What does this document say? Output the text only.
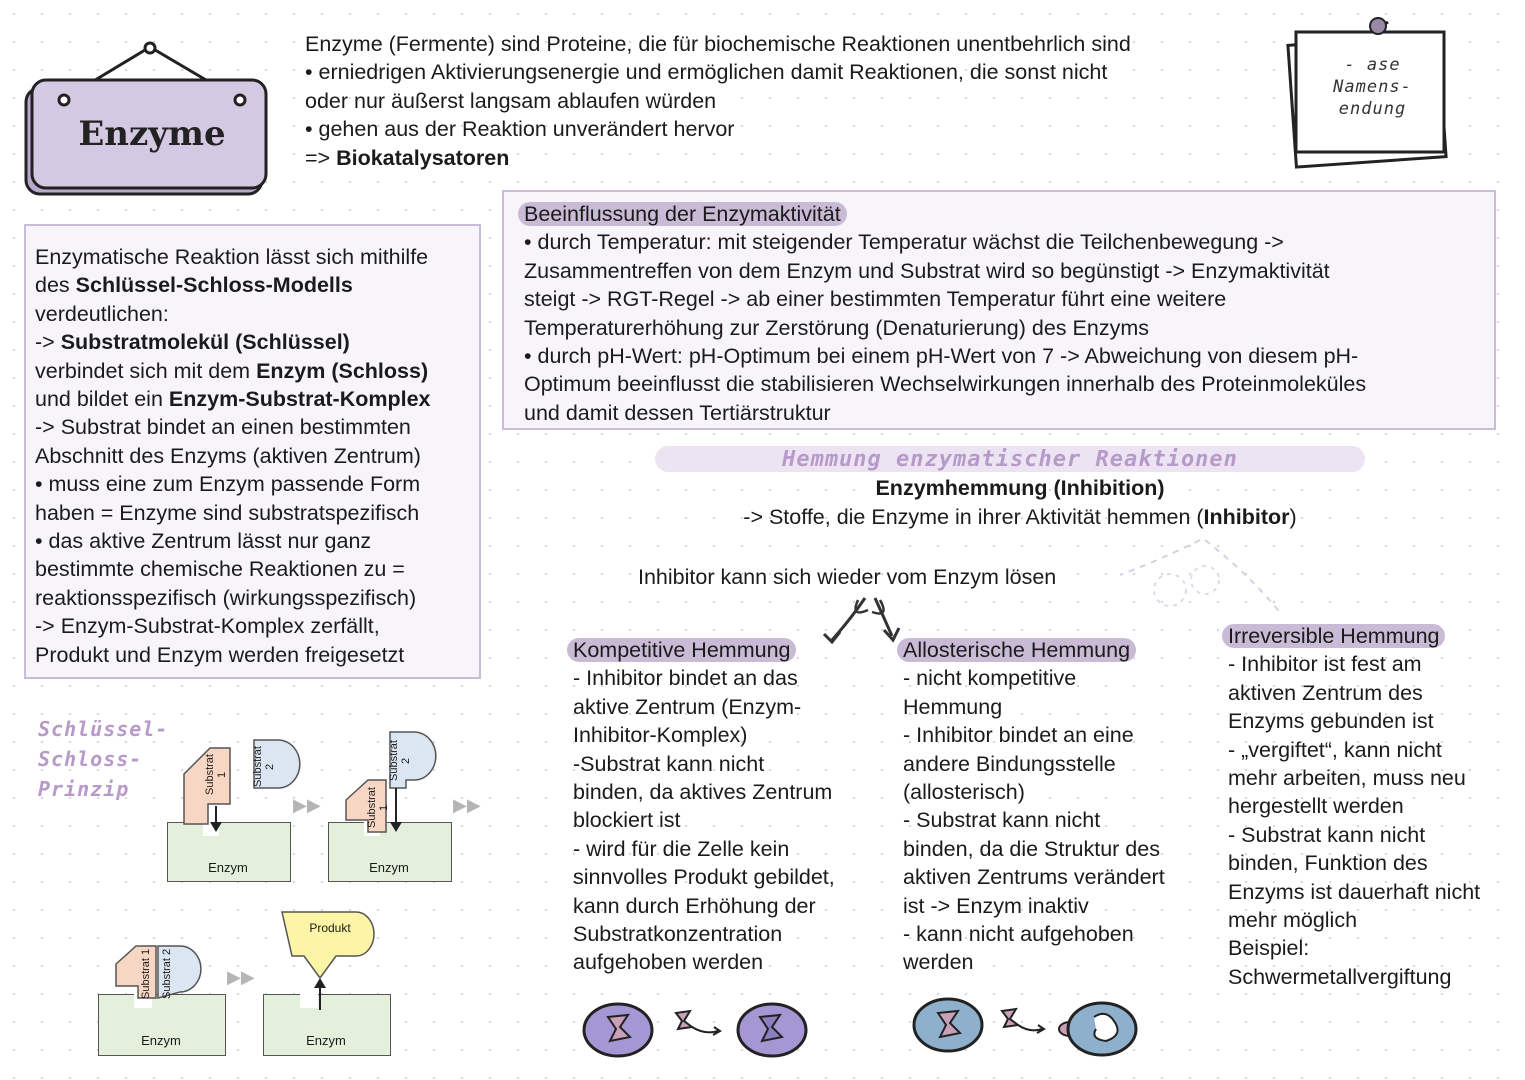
Enzyme
Enzyme (Fermente) sind Proteine, die für biochemische Reaktionen unentbehrlich sind
• erniedrigen Aktivierungsenergie und ermöglichen damit Reaktionen, die sonst nicht
oder nur äußerst langsam ablaufen würden
• gehen aus der Reaktion unverändert hervor
=> Biokatalysatoren
- ase
Namens-
endung
Enzymatische Reaktion lässt sich mithilfe
des Schlüssel-Schloss-Modells
verdeutlichen:
-> Substratmolekül (Schlüssel)
verbindet sich mit dem Enzym (Schloss)
und bildet ein Enzym-Substrat-Komplex
-> Substrat bindet an einen bestimmten
Abschnitt des Enzyms (aktiven Zentrum)
• muss eine zum Enzym passende Form
haben = Enzyme sind substratspezifisch
• das aktive Zentrum lässt nur ganz
bestimmte chemische Reaktionen zu =
reaktionsspezifisch (wirkungsspezifisch)
-> Enzym-Substrat-Komplex zerfällt,
Produkt und Enzym werden freigesetzt
Beeinflussung der Enzymaktivität
• durch Temperatur: mit steigender Temperatur wächst die Teilchenbewegung ->
Zusammentreffen von dem Enzym und Substrat wird so begünstigt -> Enzymaktivität
steigt -> RGT-Regel -> ab einer bestimmten Temperatur führt eine weitere
Temperaturerhöhung zur Zerstörung (Denaturierung) des Enzyms
• durch pH-Wert: pH-Optimum bei einem pH-Wert von 7 -> Abweichung von diesem pH-
Optimum beeinflusst die stabilisieren Wechselwirkungen innerhalb des Proteinmoleküles
und damit dessen Tertiärstruktur
Hemmung enzymatischer Reaktionen
Enzymhemmung (Inhibition)
-> Stoffe, die Enzyme in ihrer Aktivität hemmen (Inhibitor)
Inhibitor kann sich wieder vom Enzym lösen
Kompetitive Hemmung
- Inhibitor bindet an das
aktive Zentrum (Enzym-
Inhibitor-Komplex)
-Substrat kann nicht
binden, da aktives Zentrum
blockiert ist
- wird für die Zelle kein
sinnvolles Produkt gebildet,
kann durch Erhöhung der
Substratkonzentration
aufgehoben werden
Allosterische Hemmung
- nicht kompetitive
Hemmung
- Inhibitor bindet an eine
andere Bindungsstelle
(allosterisch)
- Substrat kann nicht
binden, da die Struktur des
aktiven Zentrums verändert
ist -> Enzym inaktiv
- kann nicht aufgehoben
werden
Irreversible Hemmung
- Inhibitor ist fest am
aktiven Zentrum des
Enzyms gebunden ist
- „vergiftet“, kann nicht
mehr arbeiten, muss neu
hergestellt werden
- Substrat kann nicht
binden, Funktion des
Enzyms ist dauerhaft nicht
mehr möglich
Beispiel:
Schwermetallvergiftung
Schlüssel-
Schloss-
Prinzip
Enzym
Substrat 1 Substrat 2
▶▶
Enzym
Substrat 1
Substrat 2
▶▶
Enzym
Substrat 1
Substrat 2
▶▶
Enzym
Produkt
